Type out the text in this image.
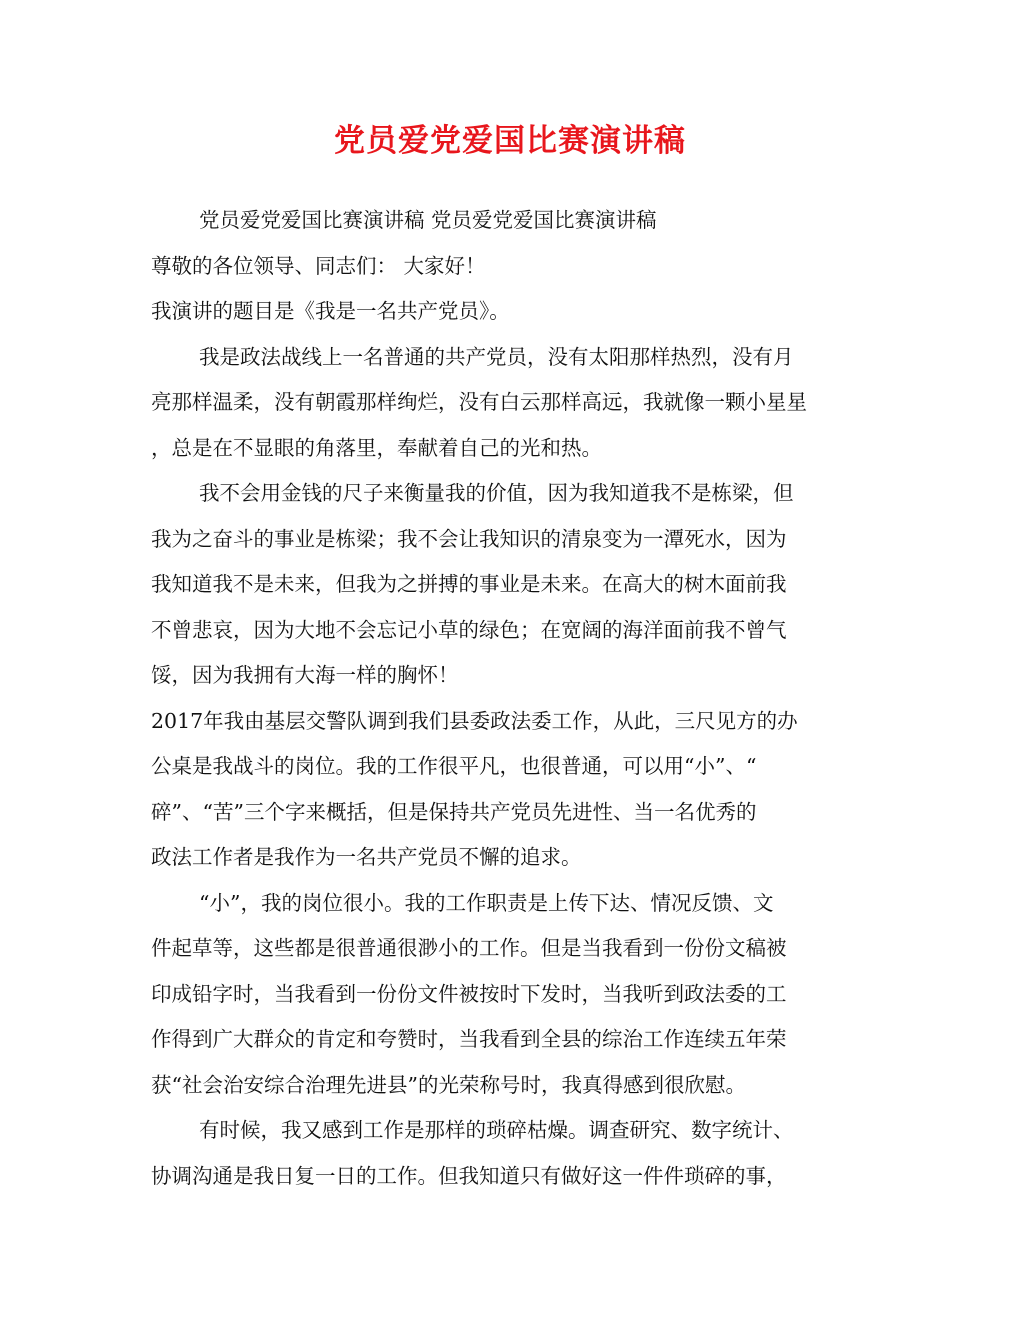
党员爱党爱国比赛演讲稿
党员爱党爱国比赛演讲稿 党员爱党爱国比赛演讲稿
尊敬的各位领导、同志们： 大家好！
我演讲的题目是《我是一名共产党员》。
我是政法战线上一名普通的共产党员，没有太阳那样热烈，没有月
亮那样温柔，没有朝霞那样绚烂，没有白云那样高远，我就像一颗小星星
，总是在不显眼的角落里，奉献着自己的光和热。
我不会用金钱的尺子来衡量我的价值，因为我知道我不是栋梁，但
我为之奋斗的事业是栋梁；我不会让我知识的清泉变为一潭死水，因为
我知道我不是未来，但我为之拼搏的事业是未来。在高大的树木面前我
不曾悲哀，因为大地不会忘记小草的绿色；在宽阔的海洋面前我不曾气
馁，因为我拥有大海一样的胸怀！
2017年我由基层交警队调到我们县委政法委工作，从此，三尺见方的办
公桌是我战斗的岗位。我的工作很平凡，也很普通，可以用“小”、“
碎”、“苦”三个字来概括，但是保持共产党员先进性、当一名优秀的
政法工作者是我作为一名共产党员不懈的追求。
“小”，我的岗位很小。我的工作职责是上传下达、情况反馈、文
件起草等，这些都是很普通很渺小的工作。但是当我看到一份份文稿被
印成铅字时，当我看到一份份文件被按时下发时，当我听到政法委的工
作得到广大群众的肯定和夸赞时，当我看到全县的综治工作连续五年荣
获“社会治安综合治理先进县”的光荣称号时，我真得感到很欣慰。
有时候，我又感到工作是那样的琐碎枯燥。调查研究、数字统计、
协调沟通是我日复一日的工作。但我知道只有做好这一件件琐碎的事，
